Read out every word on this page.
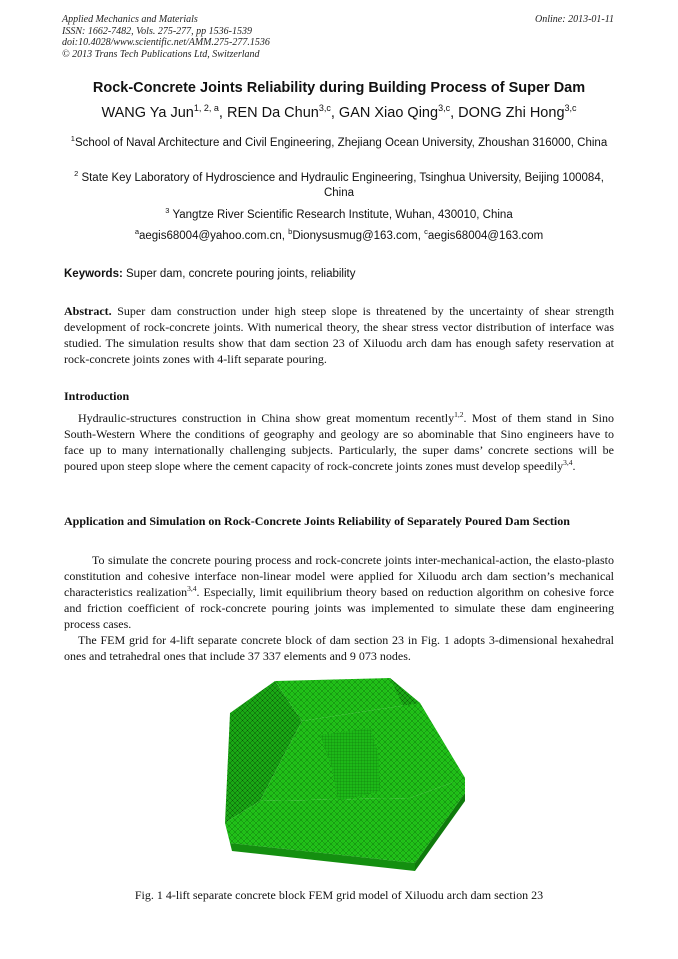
Applied Mechanics and Materials
ISSN: 1662-7482, Vols. 275-277, pp 1536-1539
doi:10.4028/www.scientific.net/AMM.275-277.1536
© 2013 Trans Tech Publications Ltd, Switzerland
Online: 2013-01-11
Rock-Concrete Joints Reliability during Building Process of Super Dam
WANG Ya Jun$^{1, 2, a}$, REN Da Chun$^{3,c}$, GAN Xiao Qing$^{3,c}$, DONG Zhi Hong$^{3,c}$
$^1$School of Naval Architecture and Civil Engineering, Zhejiang Ocean University, Zhoushan 316000, China
$^2$ State Key Laboratory of Hydroscience and Hydraulic Engineering, Tsinghua University, Beijing 100084, China
$^3$ Yangtze River Scientific Research Institute, Wuhan, 430010, China
$^a$aegis68004@yahoo.com.cn, $^b$Dionysusmug@163.com, $^c$aegis68004@163.com
Keywords: Super dam, concrete pouring joints, reliability
Abstract. Super dam construction under high steep slope is threatened by the uncertainty of shear strength development of rock-concrete joints. With numerical theory, the shear stress vector distribution of interface was studied. The simulation results show that dam section 23 of Xiluodu arch dam has enough safety reservation at rock-concrete joints zones with 4-lift separate pouring.
Introduction
Hydraulic-structures construction in China show great momentum recently$^{1,2}$. Most of them stand in Sino South-Western Where the conditions of geography and geology are so abominable that Sino engineers have to face up to many internationally challenging subjects. Particularly, the super dams’ concrete sections will be poured upon steep slope where the cement capacity of rock-concrete joints zones must develop speedily$^{3,4}$.
Application and Simulation on Rock-Concrete Joints Reliability of Separately Poured Dam Section
To simulate the concrete pouring process and rock-concrete joints inter-mechanical-action, the elasto-plasto constitution and cohesive interface non-linear model were applied for Xiluodu arch dam section’s mechanical characteristics realization$^{3,4}$. Especially, limit equilibrium theory based on reduction algorithm on cohesive force and friction coefficient of rock-concrete pouring joints was implemented to simulate these dam engineering process cases.
The FEM grid for 4-lift separate concrete block of dam section 23 in Fig. 1 adopts 3-dimensional hexahedral ones and tetrahedral ones that include 37 337 elements and 9 073 nodes.
Fig. 1 4-lift separate concrete block FEM grid model of Xiluodu arch dam section 23
